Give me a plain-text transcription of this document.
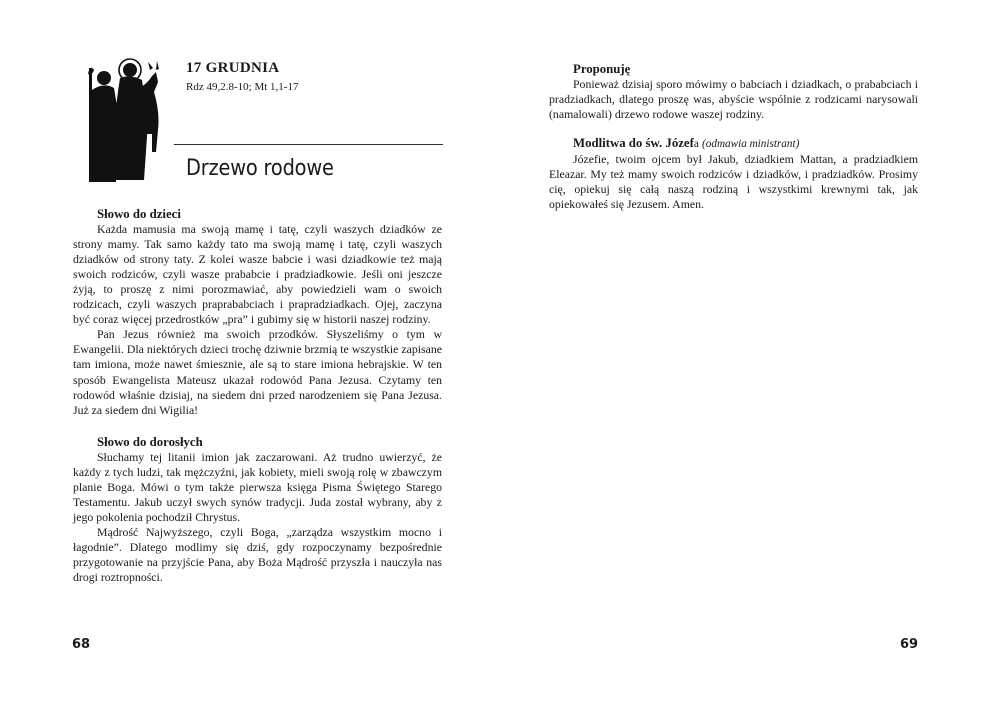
17 GRUDNIA
Rdz 49,2.8-10; Mt 1,1-17
Drzewo rodowe

Słowo do dzieci

Każda mamusia ma swoją mamę i tatę, czyli waszych dziadków ze strony mamy. Tak samo każdy tato ma swoją mamę i tatę, czyli waszych dziadków od strony taty. Z kolei wasze babcie i wasi dziadkowie też mają swoich rodziców, czyli wasze prababcie i pradziadkowie. Jeśli oni jeszcze żyją, to proszę z nimi porozmawiać, aby powiedzieli wam o swoich rodzicach, czyli waszych praprababciach i prapradziadkach. Ojej, zaczyna być coraz więcej przedrostków „pra” i gubimy się w historii naszej rodziny.

Pan Jezus również ma swoich przodków. Słyszeliśmy o tym w Ewangelii. Dla niektórych dzieci trochę dziwnie brzmią te wszystkie zapisane tam imiona, może nawet śmiesznie, ale są to stare imiona hebrajskie. W ten sposób Ewangelista Mateusz ukazał rodowód Pana Jezusa. Czytamy ten rodowód właśnie dzisiaj, na siedem dni przed narodzeniem się Pana Jezusa. Już za siedem dni Wigilia!

Słowo do dorosłych

Słuchamy tej litanii imion jak zaczarowani. Aż trudno uwierzyć, że każdy z tych ludzi, tak mężczyźni, jak kobiety, mieli swoją rolę w zbawczym planie Boga. Mówi o tym także pierwsza księga Pisma Świętego Starego Testamentu. Jakub uczył swych synów tradycji. Juda został wybrany, aby z jego pokolenia pochodził Chrystus.

Mądrość Najwyższego, czyli Boga, „zarządza wszystkim mocno i łagodnie”. Dlatego modlimy się dziś, gdy rozpoczynamy bezpośrednie przygotowanie na przyjście Pana, aby Boża Mądrość przyszła i nauczyła nas drogi roztropności.

68

Proponuję

Ponieważ dzisiaj sporo mówimy o babciach i dziadkach, o prababciach i pradziadkach, dlatego proszę was, abyście wspólnie z rodzicami narysowali (namalowali) drzewo rodowe waszej rodziny.

Modlitwa do św. Józefa (odmawia ministrant)

Józefie, twoim ojcem był Jakub, dziadkiem Mattan, a pradziadkiem Eleazar. My też mamy swoich rodziców i dziadków, i pradziadków. Prosimy cię, opiekuj się całą naszą rodziną i wszystkimi krewnymi tak, jak opiekowałeś się Jezusem. Amen.

69
